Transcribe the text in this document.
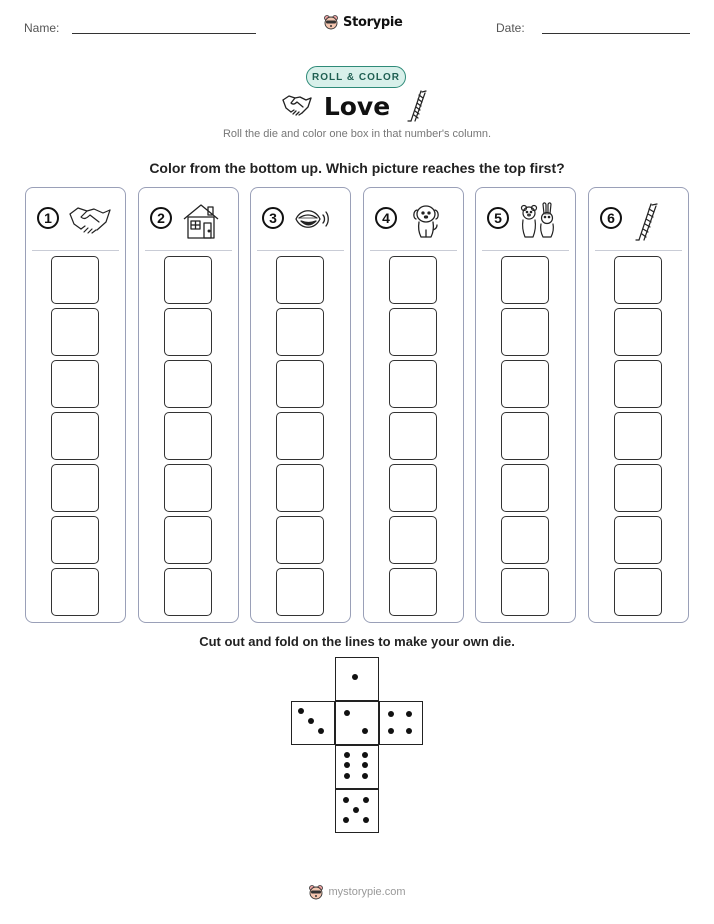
Name:	Storypie	Date:
ROLL & COLOR
Love
Roll the die and color one box in that number's column.
Color from the bottom up. Which picture reaches the top first?
1	2	3	4	5	6
Cut out and fold on the lines to make your own die.
mystorypie.com
